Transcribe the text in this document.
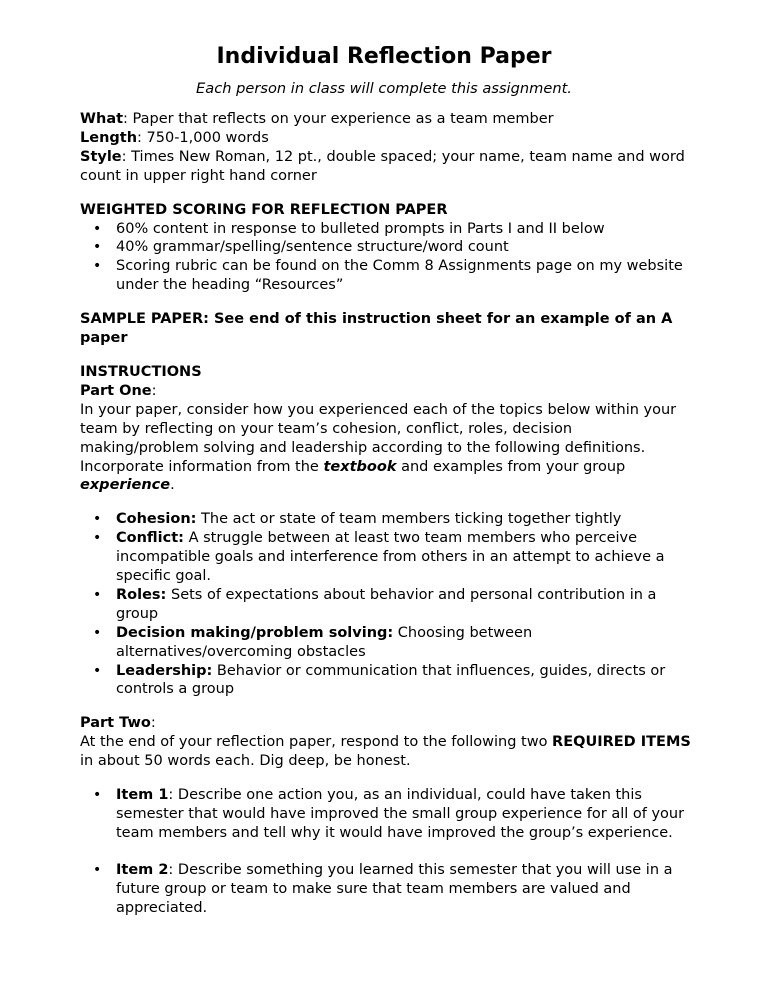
Individual Reflection Paper
Each person in class will complete this assignment.

What: Paper that reflects on your experience as a team member

Length: 750-1,000 words

Style: Times New Roman, 12 pt., double spaced; your name, team name and word count in upper right hand corner

WEIGHTED SCORING FOR REFLECTION PAPER

• 60% content in response to bulleted prompts in Parts I and II below
• 40% grammar/spelling/sentence structure/word count
• Scoring rubric can be found on the Comm 8 Assignments page on my website under the heading “Resources”

SAMPLE PAPER: See end of this instruction sheet for an example of an A paper

INSTRUCTIONS

Part One:

In your paper, consider how you experienced each of the topics below within your team by reflecting on your team’s cohesion, conflict, roles, decision making/problem solving and leadership according to the following definitions. Incorporate information from the textbook and examples from your group experience.

• Cohesion: The act or state of team members ticking together tightly
• Conflict: A struggle between at least two team members who perceive incompatible goals and interference from others in an attempt to achieve a specific goal.
• Roles: Sets of expectations about behavior and personal contribution in a group
• Decision making/problem solving: Choosing between alternatives/overcoming obstacles
• Leadership: Behavior or communication that influences, guides, directs or controls a group

Part Two:

At the end of your reflection paper, respond to the following two REQUIRED ITEMS in about 50 words each. Dig deep, be honest.

• Item 1: Describe one action you, as an individual, could have taken this semester that would have improved the small group experience for all of your team members and tell why it would have improved the group’s experience.
• Item 2: Describe something you learned this semester that you will use in a future group or team to make sure that team members are valued and appreciated.
